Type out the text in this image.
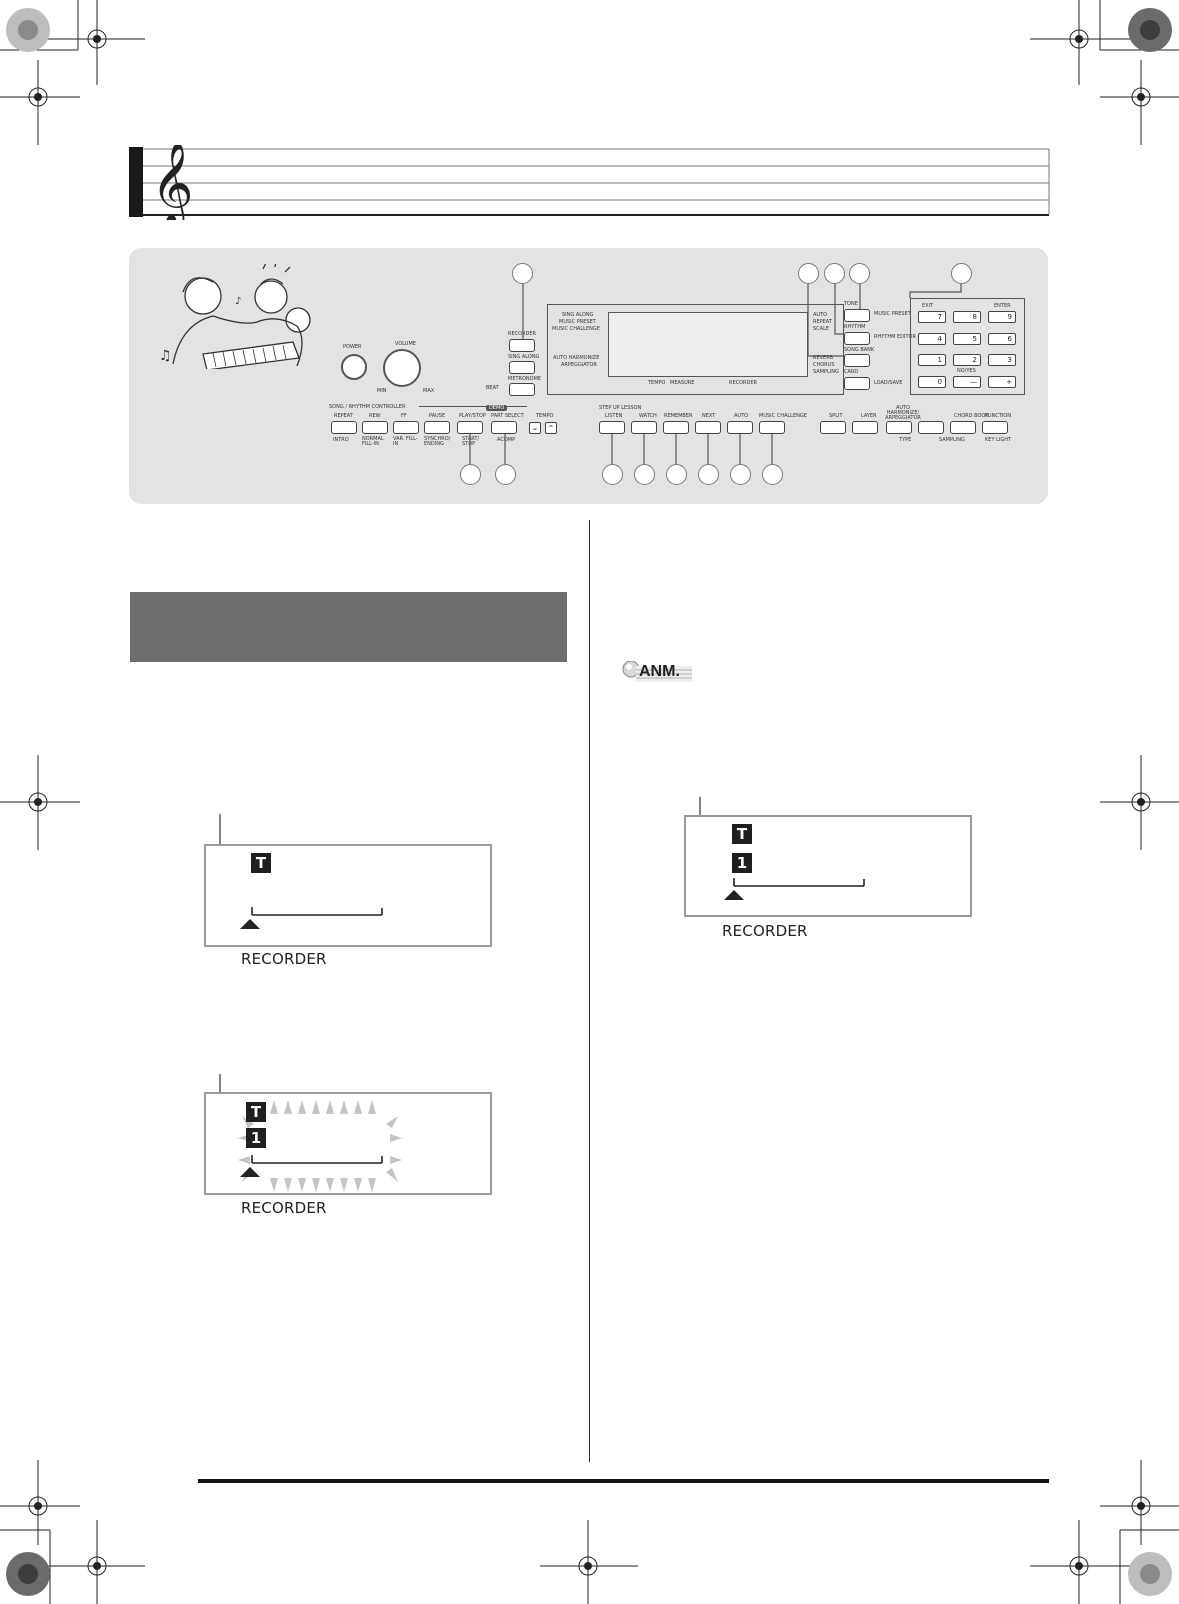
𝄞
♫
♪
POWER	VOLUME
MIN	MAX
RECORDER
SING ALONG
METRONOME
BEAT
SING ALONG
MUSIC PRESET
MUSIC CHALLENGE
AUTO HARMONIZE
ARPEGGIATOR
AUTO
REPEAT
SCALE
REVERB
CHORUS
SAMPLING
TEMPO MEASURE	RECORDER
TONE
MUSIC PRESET
RHYTHM
RHYTHM EDITOR
SONG BANK
CARD
LOAD/SAVE
EXIT	ENTER
NO/YES
7	8	9
4	5	6
1	2	3
0	—	+
SONG / RHYTHM CONTROLLER	DEMO
REPEAT	REW	FF	PAUSE	PLAY/STOP PART SELECT TEMPO
⌄	⌃
INTRO	NORMAL FILL-IN
VAR. FILL-IN
SYNCHRO/ ENDING
START/ STOP
ACOMP
STEP UP LESSON
LISTEN	WATCH REMEMBER NEXT	AUTO MUSIC CHALLENGE	SPLIT	LAYER
AUTO HARMONIZE/ ARPEGGIATOR	CHORD BOOK
FUNCTION
TYPE	SAMPLING	KEY LIGHT
ANM.
T
RECORDER
T
1
RECORDER
T
1
RECORDER
